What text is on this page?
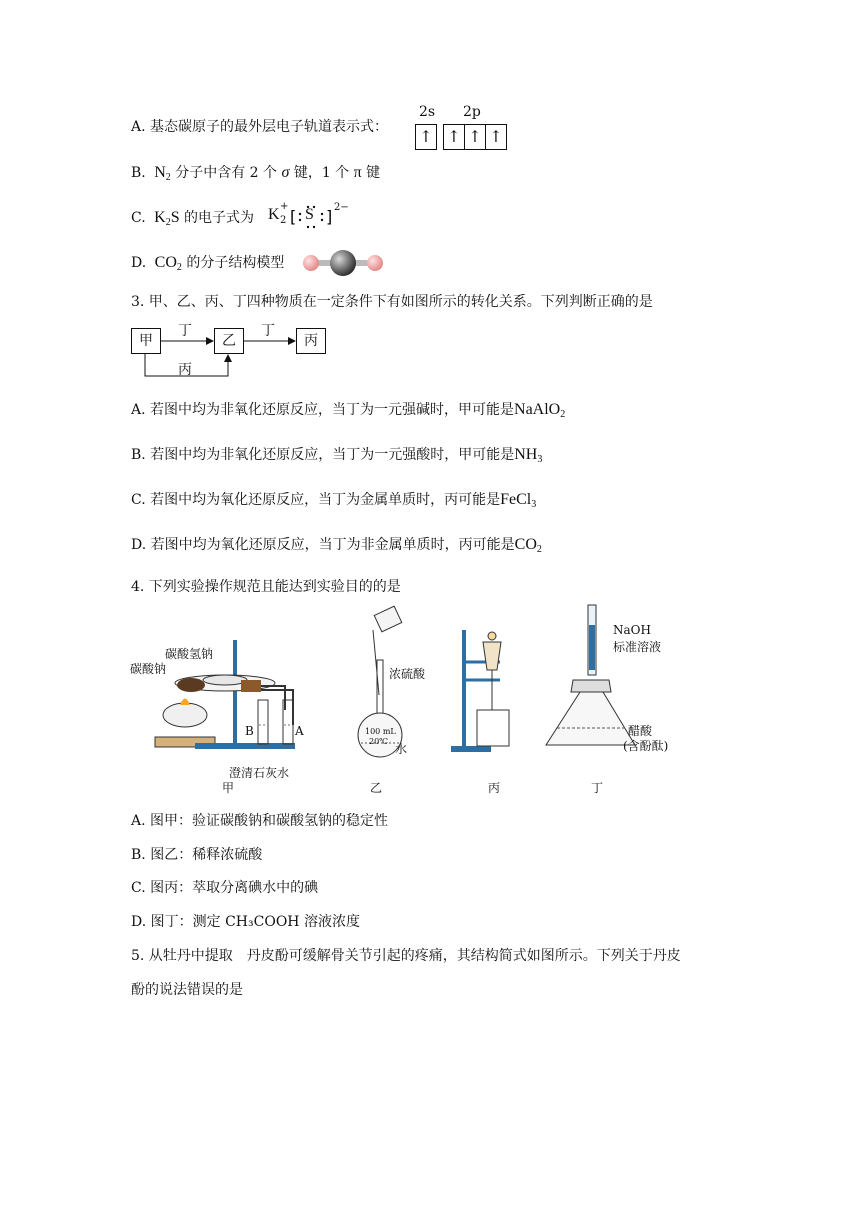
A. 基态碳原子的最外层电子轨道表示式：
2s 2p
↑ ↑ ↑ ↑
B. $N_2$ 分子中含有 2 个 σ 键，1 个 π 键
C. $K_2S$ 的电子式为 K +
2 [ ]
S 2−
D. $CO_2$ 的分子结构模型
3. 甲、乙、丙、丁四种物质在一定条件下有如图所示的转化关系。下列判断正确的是
甲	乙	丙
丁	丁
丙
A. 若图中均为非氧化还原反应，当丁为一元强碱时，甲可能是NaAlO$_2$
B. 若图中均为非氧化还原反应，当丁为一元强酸时，甲可能是$NH_3$
C. 若图中均为氧化还原反应，当丁为金属单质时，丙可能是FeCl$_3$
D. 若图中均为氧化还原反应，当丁为非金属单质时，丙可能是$CO_2$
4. 下列实验操作规范且能达到实验目的的是
碳酸氢钠
碳酸钠
B	A
澄清石灰水
甲
浓硫酸
100 mL
20℃
水
乙	丙
NaOH
标准溶液
醋酸
(含酚酞)
丁
A. 图甲：验证碳酸钠和碳酸氢钠的稳定性
B. 图乙：稀释浓硫酸
C. 图丙：萃取分离碘水中的碘
D. 图丁：测定 CH₃COOH 溶液浓度
5. 从牡丹中提取　丹皮酚可缓解骨关节引起的疼痛，其结构简式如图所示。下列关于丹皮
酚的说法错误的是
